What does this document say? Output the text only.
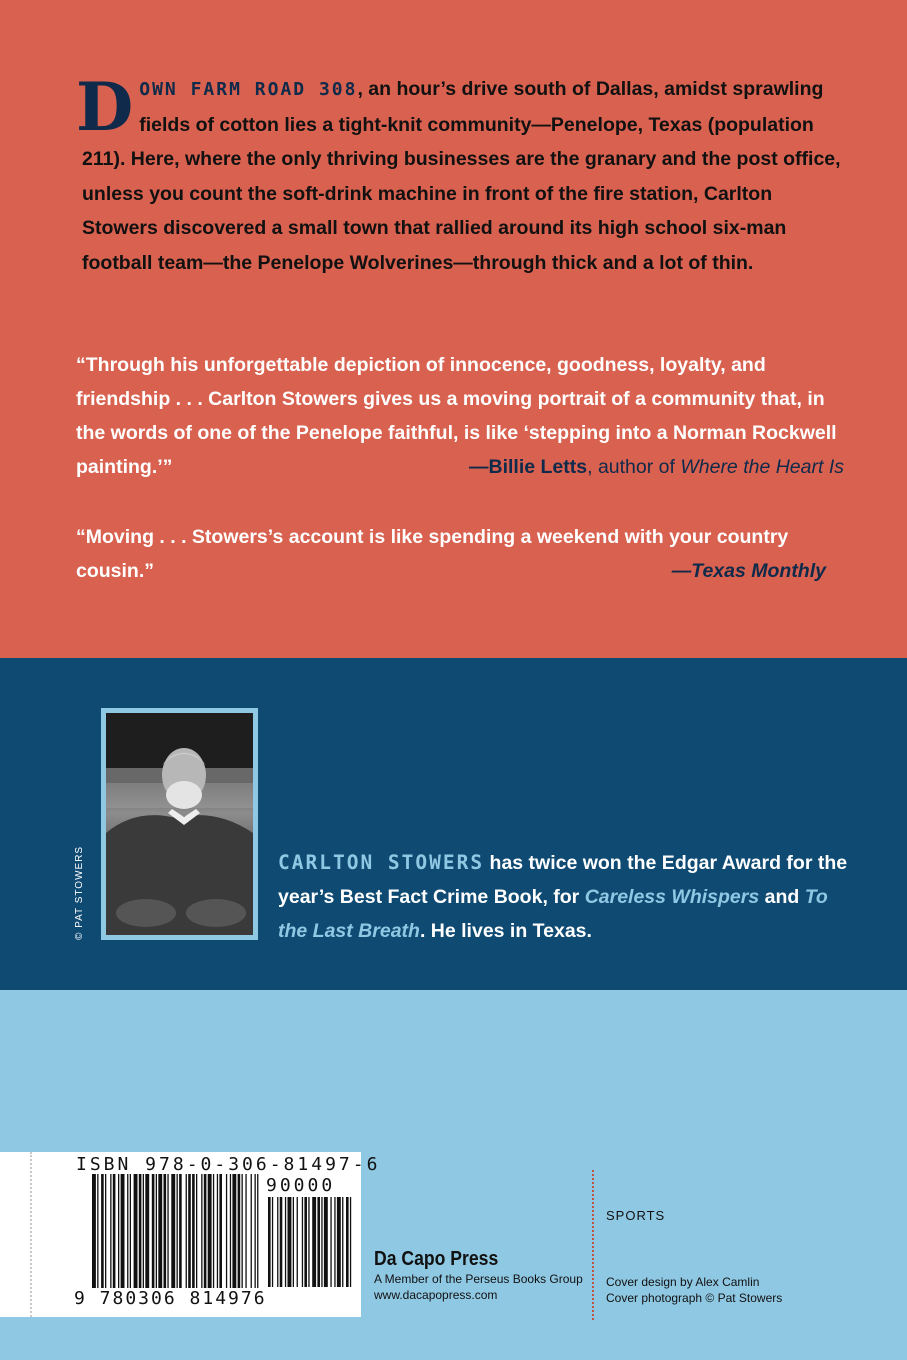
DOWN FARM ROAD 308, an hour’s drive south of Dallas, amidst sprawling fields of cotton lies a tight-knit community—Penelope, Texas (population 211). Here, where the only thriving businesses are the granary and the post office, unless you count the soft-drink machine in front of the fire station, Carlton Stowers discovered a small town that rallied around its high school six-man football team—the Penelope Wolverines—through thick and a lot of thin.
“Through his unforgettable depiction of innocence, goodness, loyalty, and friendship . . . Carlton Stowers gives us a moving portrait of a community that, in the words of one of the Penelope faithful, is like ‘stepping into a Norman Rockwell painting.’”	—Billie Letts, author of Where the Heart Is
“Moving . . . Stowers’s account is like spending a weekend with your country cousin.”	—Texas Monthly
© PAT STOWERS	CARLTON STOWERS has twice won the Edgar Award for the year’s Best Fact Crime Book, for Careless Whispers and To the Last Breath. He lives in Texas.
ISBN 978-0-306-81497-6
90000
9 780306 814976
Da Capo Press
A Member of the Perseus Books Group
www.dacapopress.com
SPORTS
Cover design by Alex Camlin
Cover photograph © Pat Stowers
